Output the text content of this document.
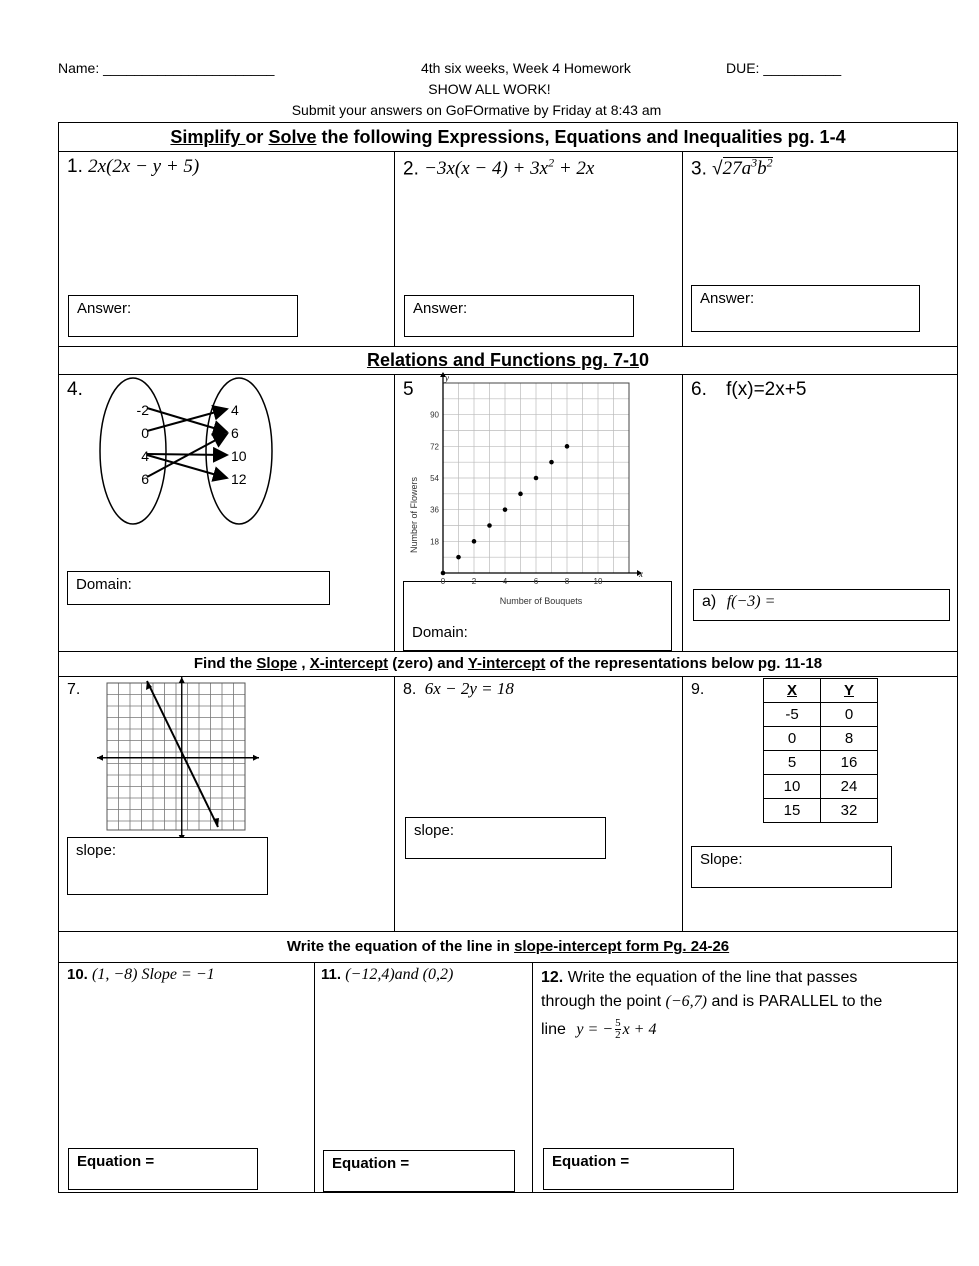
Name: ______________________	4th six weeks, Week 4 Homework	DUE: __________
SHOW ALL WORK!
Submit your answers on GoFOrmative by Friday at 8:43 am
Simplify or Solve the following Expressions, Equations and Inequalities pg. 1-4
1. 2x(2x − y + 5)
Answer:
2. $-3x(x - 4) + 3x^2 + 2x$
Answer:
3. $√27a^3b^2$
Answer:
Relations and Functions pg. 7-10
4.
-2
0
4
6
4
6
10
12
Domain:
5
Domain:
0	2	4	6	8	10
18
36
54
72
90
Number of Flowers
Number of Bouquets
y
x
6. f(x)=2x+5
a) f(−3) =
Find the Slope , X-intercept (zero) and Y-intercept of the representations below pg. 11-18
7.
slope:
8. 6x − 2y = 18
slope:
9.	X	Y
-5	0
0	8
5	16
10	24
15	32
Slope:
Write the equation of the line in slope-intercept form Pg. 24-26
10. (1, −8) Slope = −1
Equation =
11. (−12,4)and (0,2)
Equation =
12. Write the equation of the line that passes
through the point (−6,7) and is PARALLEL to the
line y = − $\frac{5}{2}$ x + 4
Equation =
